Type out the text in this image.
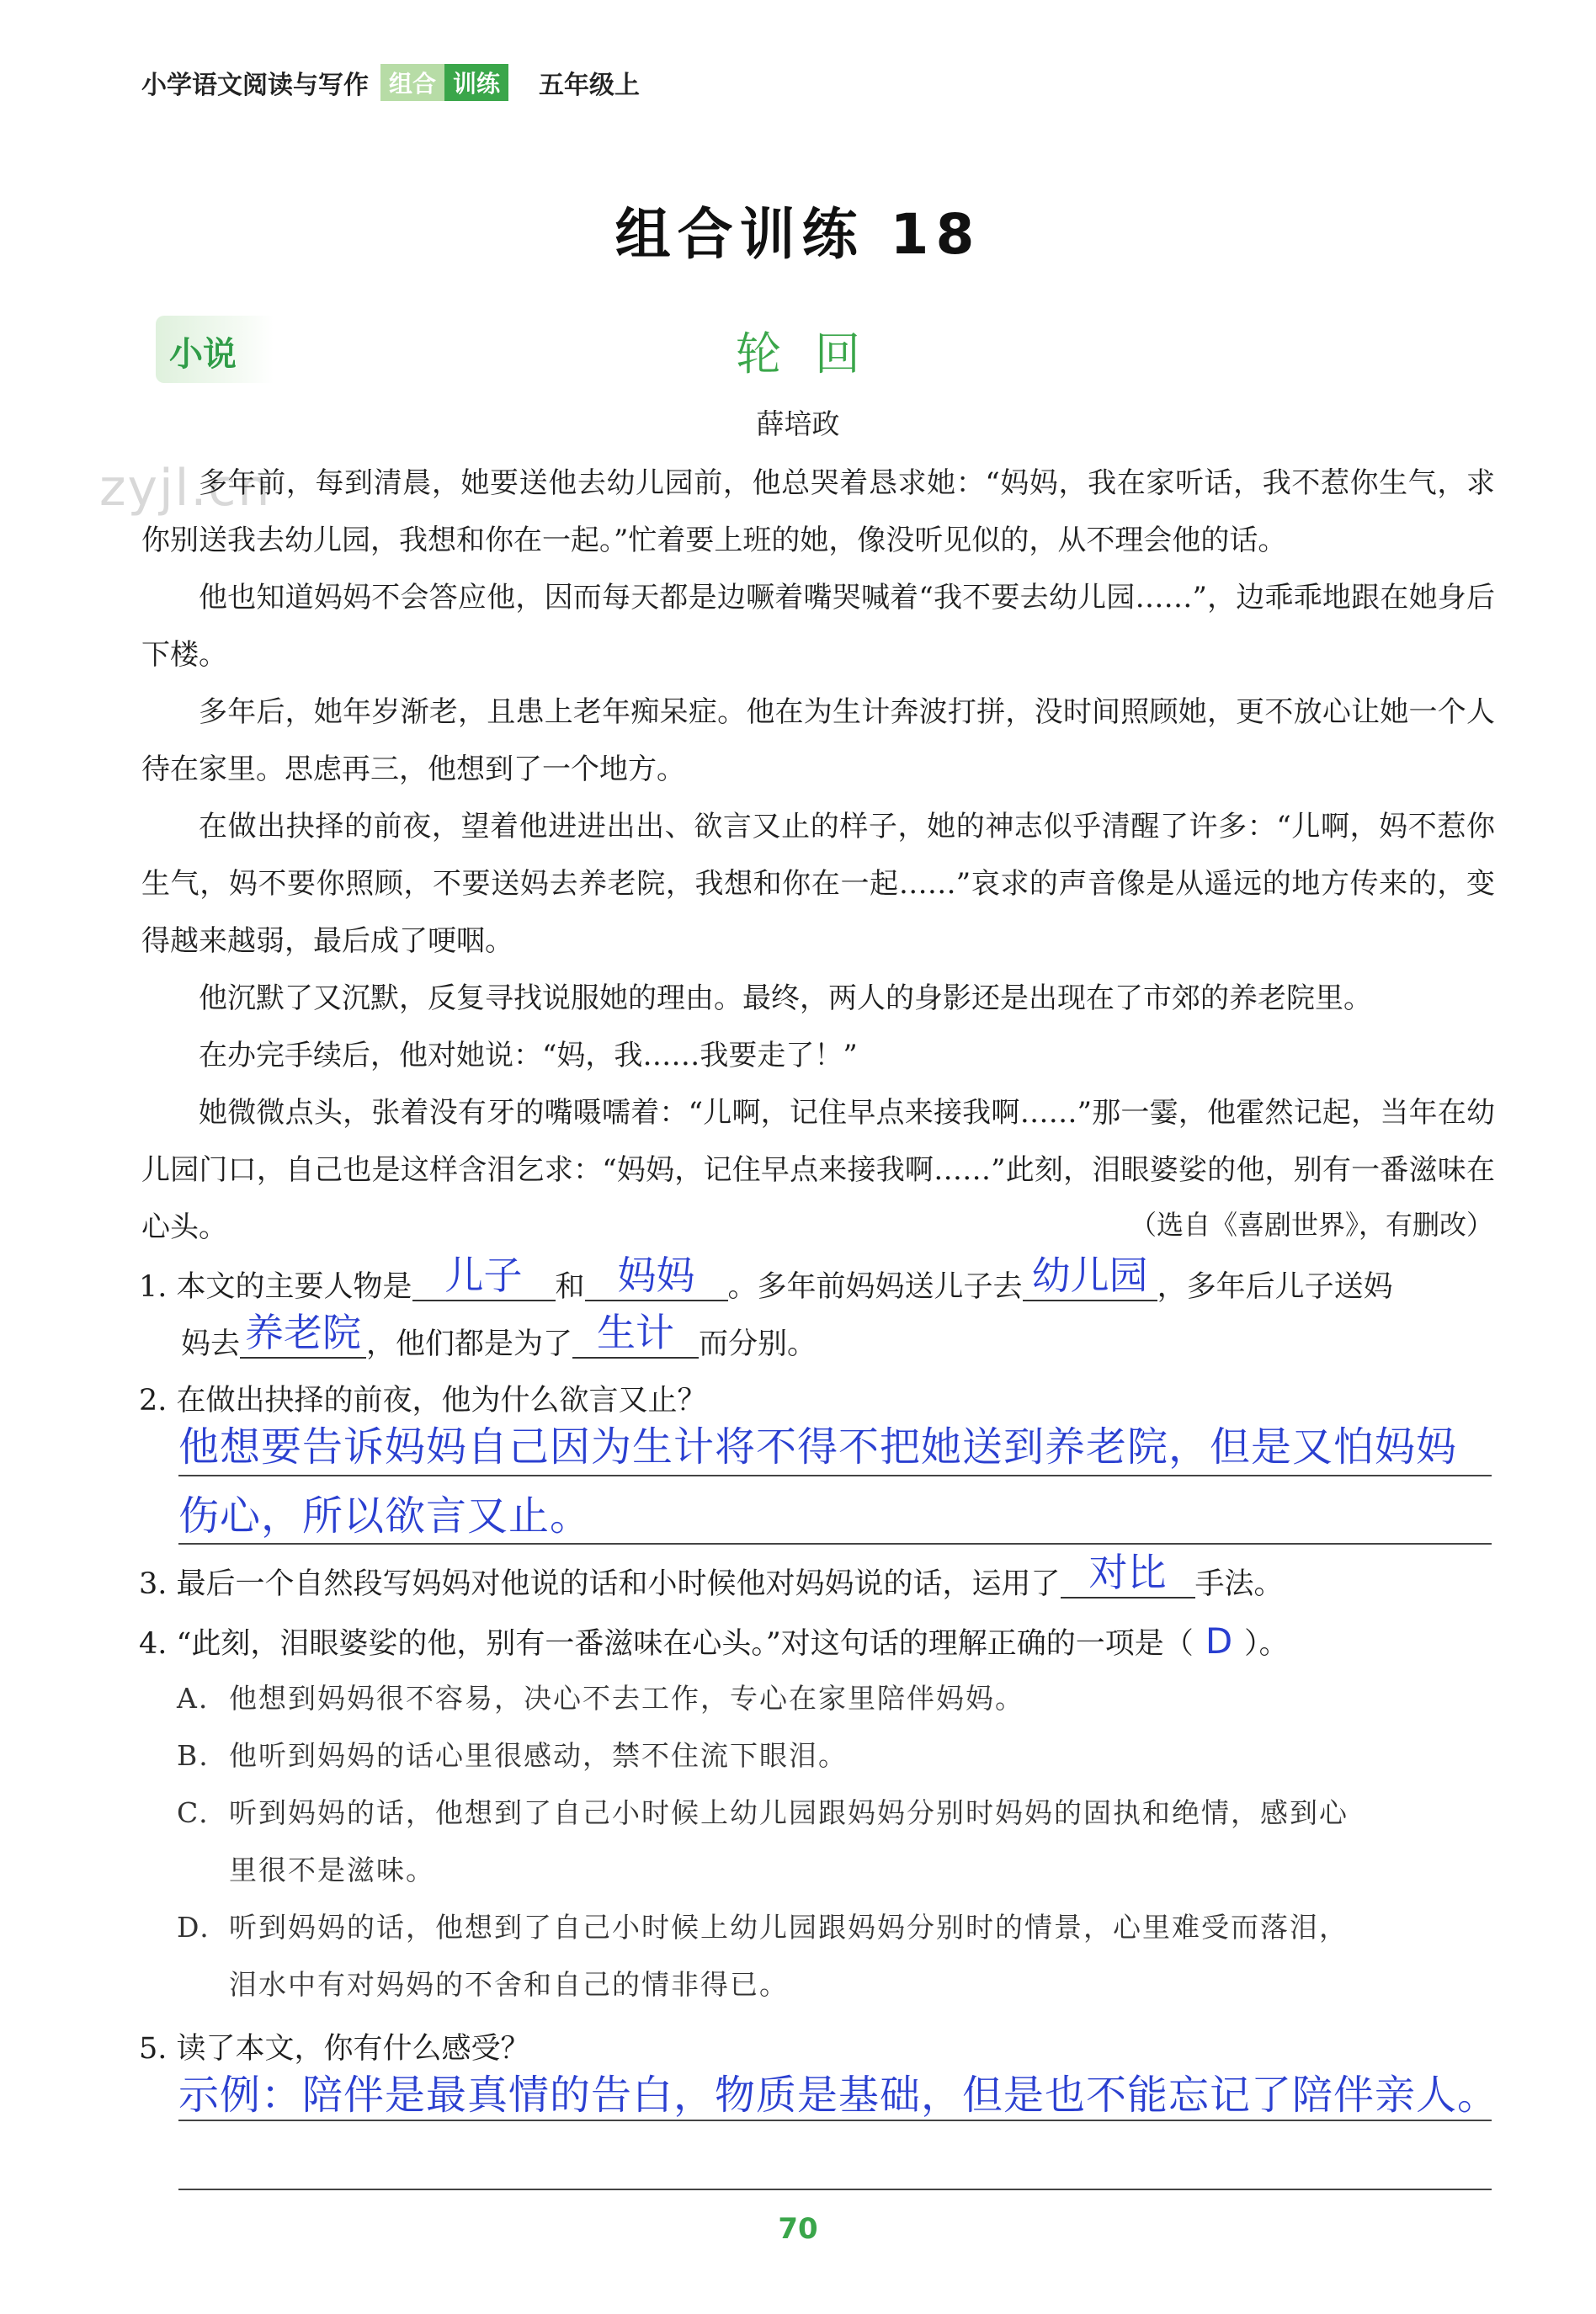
小学语文阅读与写作 组合 训练	五年级上
组合训练 18
小说	轮回
薛培政
zyjl.cn
多年前，每到清晨，她要送他去幼儿园前，他总哭着恳求她：“妈妈，我在家听话，我不惹你生气，求你别送我去幼儿园，我想和你在一起。”忙着要上班的她，像没听见似的，从不理会他的话。
他也知道妈妈不会答应他，因而每天都是边噘着嘴哭喊着“我不要去幼儿园……”，边乖乖地跟在她身后下楼。
多年后，她年岁渐老，且患上老年痴呆症。他在为生计奔波打拼，没时间照顾她，更不放心让她一个人待在家里。思虑再三，他想到了一个地方。
在做出抉择的前夜，望着他进进出出、欲言又止的样子，她的神志似乎清醒了许多：“儿啊，妈不惹你生气，妈不要你照顾，不要送妈去养老院，我想和你在一起……”哀求的声音像是从遥远的地方传来的，变得越来越弱，最后成了哽咽。
他沉默了又沉默，反复寻找说服她的理由。最终，两人的身影还是出现在了市郊的养老院里。
在办完手续后，他对她说：“妈，我……我要走了！”
她微微点头，张着没有牙的嘴嗫嚅着：“儿啊，记住早点来接我啊……”那一霎，他霍然记起，当年在幼儿园门口，自己也是这样含泪乞求：“妈妈，记住早点来接我啊……”此刻，泪眼婆娑的他，别有一番滋味在心头。	（选自《喜剧世界》，有删改）
1. 本文的主要人物是 儿子	和 妈妈	。多年前妈妈送儿子去 幼儿园 ，多年后儿子送妈
妈去 养老院 ，他们都是为了 生计 而分别。
2. 在做出抉择的前夜，他为什么欲言又止？
他想要告诉妈妈自己因为生计将不得不把她送到养老院，但是又怕妈妈
伤心，所以欲言又止。
3. 最后一个自然段写妈妈对他说的话和小时候他对妈妈说的话，运用了 对比 手法。
4. “此刻，泪眼婆娑的他，别有一番滋味在心头。”对这句话的理解正确的一项是（ D ）。
A. 他想到妈妈很不容易，决心不去工作，专心在家里陪伴妈妈。
B. 他听到妈妈的话心里很感动，禁不住流下眼泪。
C. 听到妈妈的话，他想到了自己小时候上幼儿园跟妈妈分别时妈妈的固执和绝情，感到心
里很不是滋味。
D. 听到妈妈的话，他想到了自己小时候上幼儿园跟妈妈分别时的情景，心里难受而落泪，
泪水中有对妈妈的不舍和自己的情非得已。
5. 读了本文，你有什么感受？
示例：陪伴是最真情的告白，物质是基础，但是也不能忘记了陪伴亲人。
70
